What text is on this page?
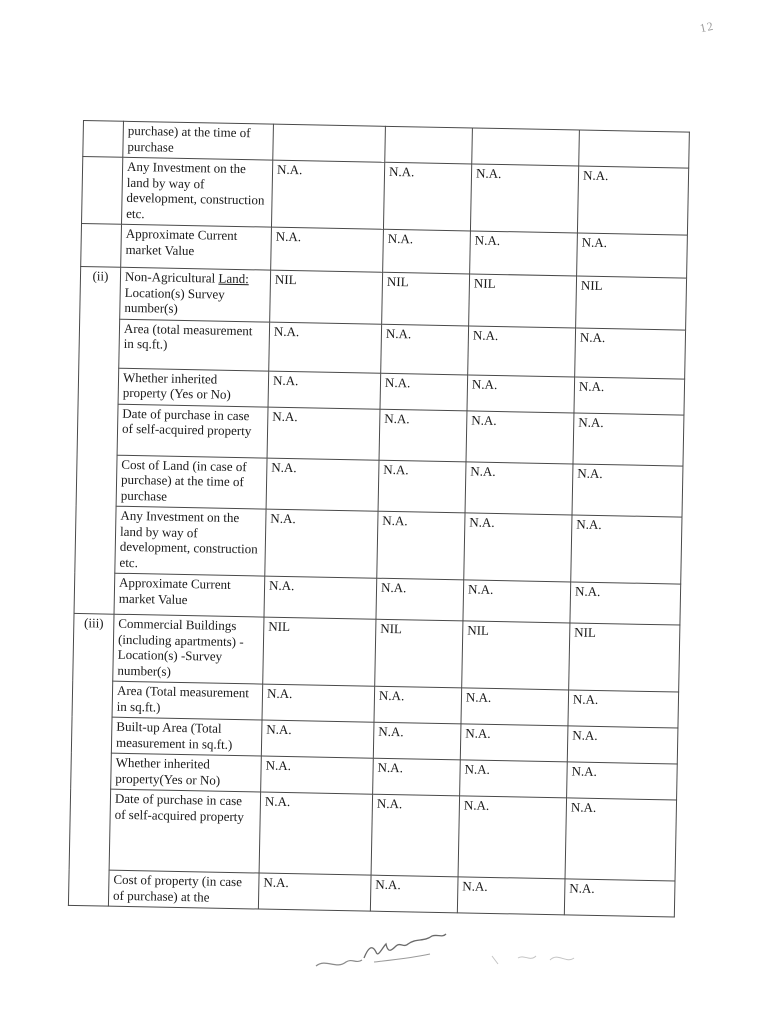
12
	purchase) at the time of purchase				
	Any Investment on the land by way of development, construction etc.	N.A.	N.A.	N.A.	N.A.
	Approximate Current market Value	N.A.	N.A.	N.A.	N.A.
(ii)	Non-Agricultural Land: Location(s) Survey number(s)	NIL	NIL	NIL	NIL
	Area (total measurement in sq.ft.)	N.A.	N.A.	N.A.	N.A.
	Whether inherited property (Yes or No)	N.A.	N.A.	N.A.	N.A.
	Date of purchase in case of self-acquired property	N.A.	N.A.	N.A.	N.A.
	Cost of Land (in case of purchase) at the time of purchase	N.A.	N.A.	N.A.	N.A.
	Any Investment on the land by way of development, construction etc.	N.A.	N.A.	N.A.	N.A.
	Approximate Current market Value	N.A.	N.A.	N.A.	N.A.
(iii)	Commercial Buildings (including apartments) -Location(s) -Survey number(s)	NIL	NIL	NIL	NIL
	Area (Total measurement in sq.ft.)	N.A.	N.A.	N.A.	N.A.
	Built-up Area (Total measurement in sq.ft.)	N.A.	N.A.	N.A.	N.A.
	Whether inherited property(Yes or No)	N.A.	N.A.	N.A.	N.A.
	Date of purchase in case of self-acquired property	N.A.	N.A.	N.A.	N.A.
	Cost of property (in case of purchase) at the	N.A.	N.A.	N.A.	N.A.
